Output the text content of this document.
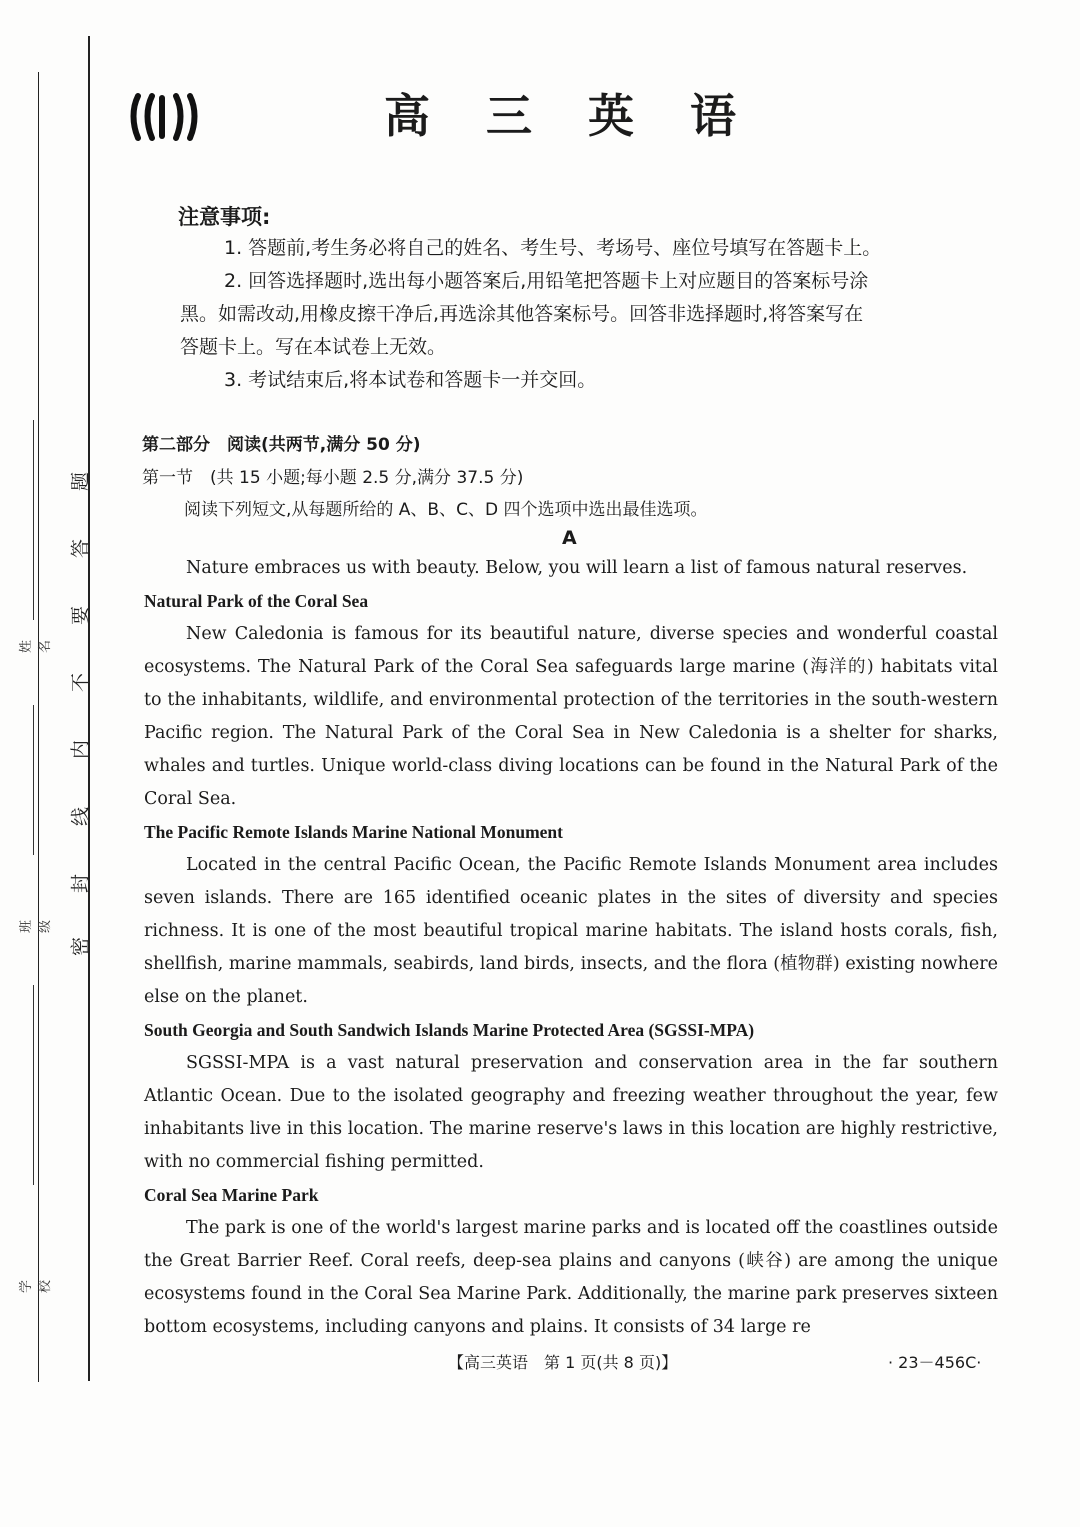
题
答
要
不
内
线
封
密
姓名
班级
学校
高 三 英 语
注意事项:
1. 答题前,考生务必将自己的姓名、考生号、考场号、座位号填写在答题卡上。
2. 回答选择题时,选出每小题答案后,用铅笔把答题卡上对应题目的答案标号涂
黑。如需改动,用橡皮擦干净后,再选涂其他答案标号。回答非选择题时,将答案写在
答题卡上。写在本试卷上无效。
3. 考试结束后,将本试卷和答题卡一并交回。
第二部分　阅读(共两节,满分 50 分)
第一节　(共 15 小题;每小题 2.5 分,满分 37.5 分)
阅读下列短文,从每题所给的 A、B、C、D 四个选项中选出最佳选项。
A

Nature embraces us with beauty. Below, you will learn a list of famous natural reserves.

Natural Park of the Coral Sea

New Caledonia is famous for its beautiful nature, diverse species and wonderful coastal ecosystems. The Natural Park of the Coral Sea safeguards large marine (海洋的) habitats vital to the inhabitants, wildlife, and environmental protection of the territories in the south-western Pacific region. The Natural Park of the Coral Sea in New Caledonia is a shelter for sharks, whales and turtles. Unique world-class diving locations can be found in the Natural Park of the Coral Sea.

The Pacific Remote Islands Marine National Monument

Located in the central Pacific Ocean, the Pacific Remote Islands Monument area includes seven islands. There are 165 identified oceanic plates in the sites of diversity and species richness. It is one of the most beautiful tropical marine habitats. The island hosts corals, fish, shellfish, marine mammals, seabirds, land birds, insects, and the flora (植物群) existing nowhere else on the planet.

South Georgia and South Sandwich Islands Marine Protected Area (SGSSI-MPA)

SGSSI-MPA is a vast natural preservation and conservation area in the far southern Atlantic Ocean. Due to the isolated geography and freezing weather throughout the year, few inhabitants live in this location. The marine reserve's laws in this location are highly restrictive, with no commercial fishing permitted.

Coral Sea Marine Park

The park is one of the world's largest marine parks and is located off the coastlines outside the Great Barrier Reef. Coral reefs, deep-sea plains and canyons (峡谷) are among the unique ecosystems found in the Coral Sea Marine Park. Additionally, the marine park preserves sixteen bottom ecosystems, including canyons and plains. It consists of 34 large re

【高三英语　第 1 页(共 8 页)】	· 23－456C·
